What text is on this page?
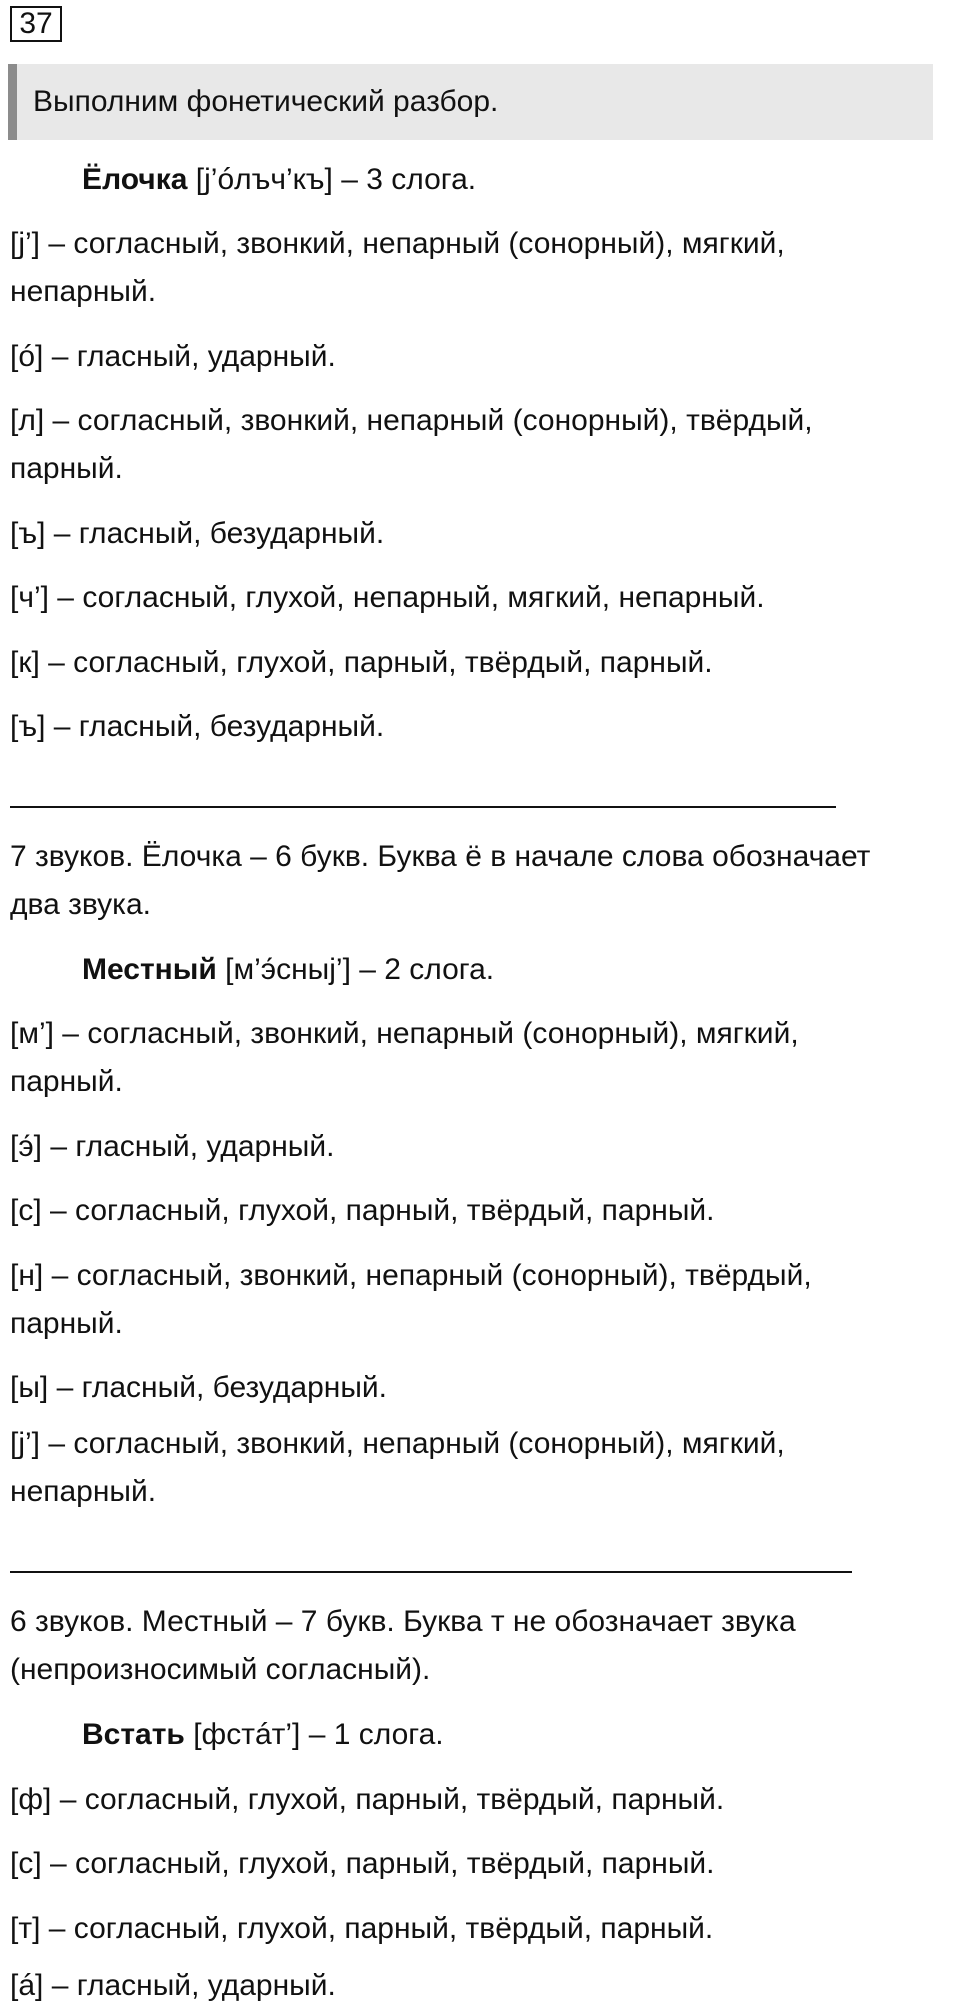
37
Выполним фонетический разбор.
Ёлочка [j’óлъч’къ] – 3 слога.
[j’] – согласный, звонкий, непарный (сонорный), мягкий,
непарный.
[ó] – гласный, ударный.
[л] – согласный, звонкий, непарный (сонорный), твёрдый,
парный.
[ъ] – гласный, безударный.
[ч’] – согласный, глухой, непарный, мягкий, непарный.
[к] – согласный, глухой, парный, твёрдый, парный.
[ъ] – гласный, безударный.
7 звуков. Ёлочка – 6 букв. Буква ё в начале слова обозначает
два звука.
Местный [м’э́сныj’] – 2 слога.
[м’] – согласный, звонкий, непарный (сонорный), мягкий,
парный.
[э́] – гласный, ударный.
[с] – согласный, глухой, парный, твёрдый, парный.
[н] – согласный, звонкий, непарный (сонорный), твёрдый,
парный.
[ы] – гласный, безударный.
[j’] – согласный, звонкий, непарный (сонорный), мягкий,
непарный.
6 звуков. Местный – 7 букв. Буква т не обозначает звука
(непроизносимый согласный).
Встать [фстáт’] – 1 слога.
[ф] – согласный, глухой, парный, твёрдый, парный.
[с] – согласный, глухой, парный, твёрдый, парный.
[т] – согласный, глухой, парный, твёрдый, парный.
[á] – гласный, ударный.
